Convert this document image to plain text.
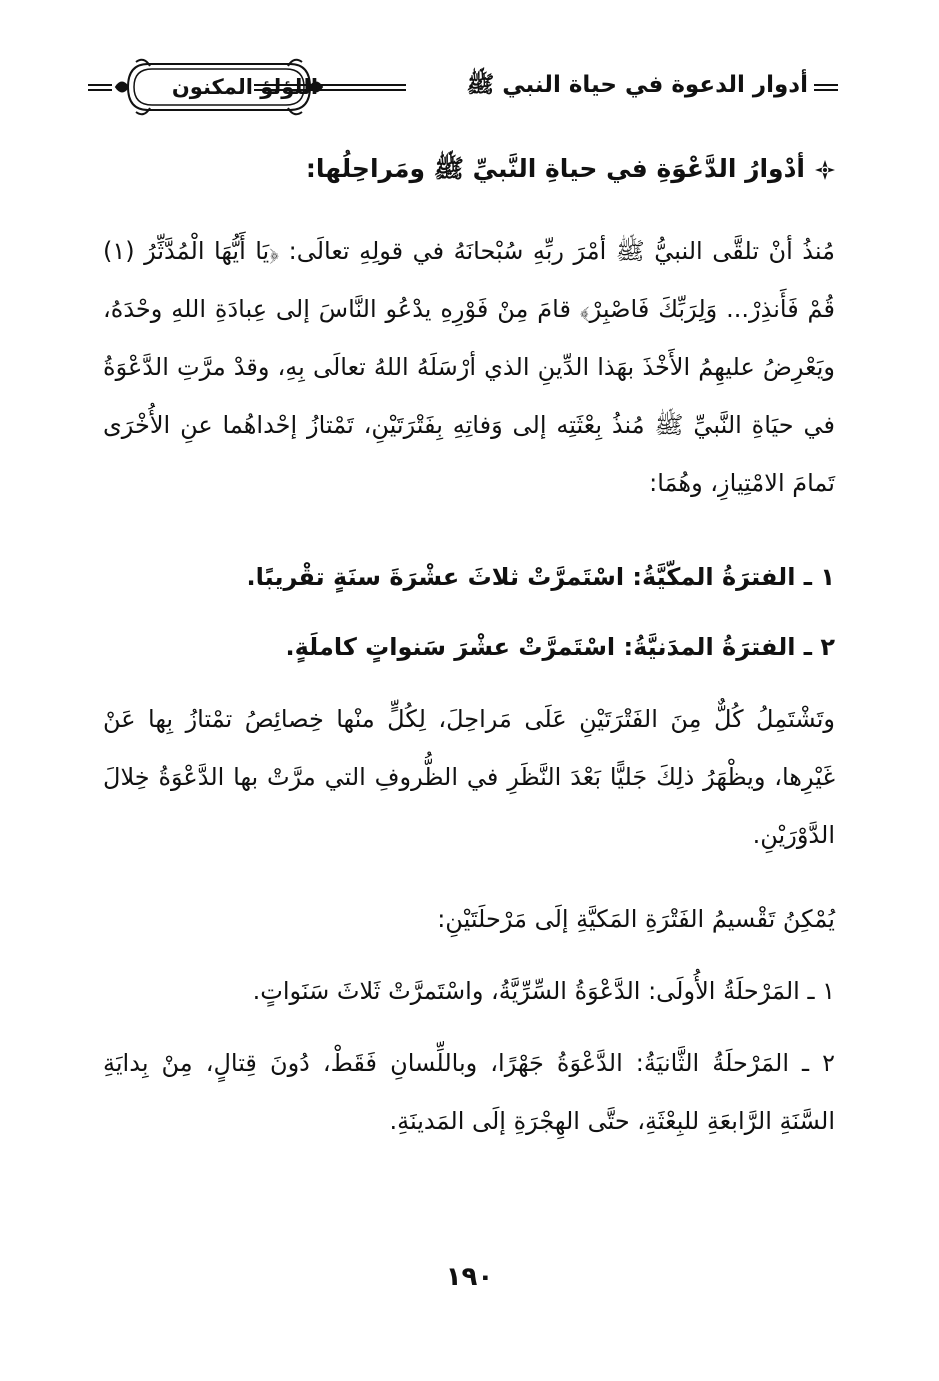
أدوار الدعوة في حياة النبي ﷺ
اللؤلؤ المكنون
أدْوارُ الدَّعْوَةِ في حياةِ النَّبيِّ ﷺ ومَراحِلُها:
مُنذُ أنْ تلقَّى النبيُّ ﷺ أمْرَ ربِّهِ سُبْحانَهُ في قولِهِ تعالَى: ﴿يَا أَيُّهَا الْمُدَّثِّرُ (١) قُمْ فَأَنذِرْ... وَلِرَبِّكَ فَاصْبِرْ﴾ قامَ مِنْ فَوْرِهِ يدْعُو النَّاسَ إلى عِبادَةِ اللهِ وحْدَهُ، ويَعْرِضُ عليهِمُ الأَخْذَ بهَذا الدِّينِ الذي أرْسَلَهُ اللهُ تعالَى بِهِ، وقدْ مرَّتِ الدَّعْوَةُ في حيَاةِ النَّبيِّ ﷺ مُنذُ بِعْثَتِه إلى وَفاتِهِ بِفَتْرَتَيْنِ، تَمْتازُ إحْداهُما عنِ الأُخْرَى تَمامَ الامْتِيازِ، وهُمَا:
١ ـ الفترَةُ المكّيَّةُ: اسْتَمرَّتْ ثلاثَ عشْرَةَ سنَةٍ تقْريبًا.
٢ ـ الفترَةُ المدَنيَّةُ: اسْتَمرَّتْ عشْرَ سَنواتٍ كاملَةٍ.
وتَشْتَمِلُ كُلٌّ مِنَ الفَتْرَتَيْنِ عَلَى مَراحِلَ، لِكُلٍّ منْها خِصائِصُ تمْتازُ بِها عَنْ غَيْرِها، ويظْهَرُ ذلِكَ جَليًّا بَعْدَ النَّظَرِ في الظُّروفِ التي مرَّتْ بها الدَّعْوَةُ خِلالَ الدَّوْرَيْنِ.
يُمْكِنُ تَقْسيمُ الفَتْرَةِ المَكيَّةِ إلَى مَرْحلَتَيْنِ:
١ ـ المَرْحلَةُ الأُولَى: الدَّعْوَةُ السِّرِّيَّةُ، واسْتَمرَّتْ ثَلاثَ سَنَواتٍ.
٢ ـ المَرْحلَةُ الثَّانيَةُ: الدَّعْوَةُ جَهْرًا، وباللِّسانِ فَقَطْ، دُونَ قِتالٍ، مِنْ بِدايَةِ السَّنَةِ الرَّابعَةِ للبِعْثَةِ، حتَّى الهِجْرَةِ إلَى المَدينَةِ.
١٩٠
